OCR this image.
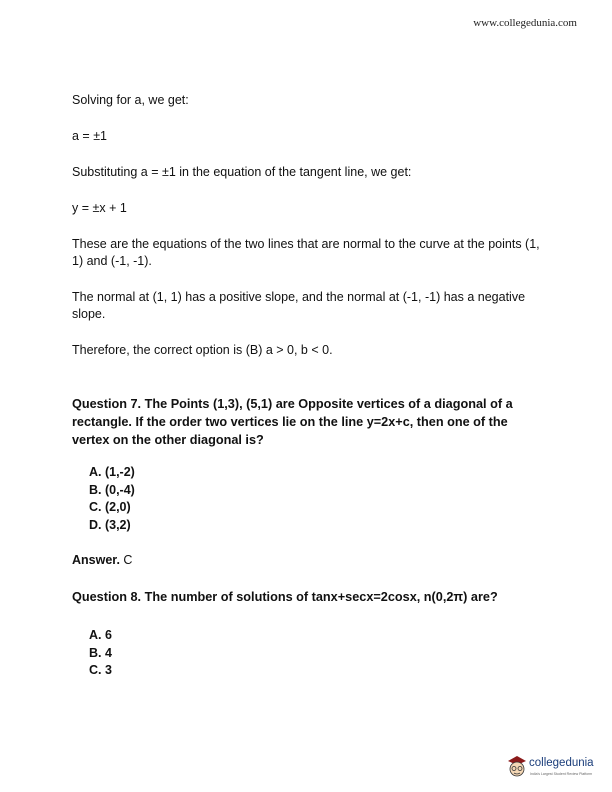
www.collegedunia.com

Solving for a, we get:

a = ±1

Substituting a = ±1 in the equation of the tangent line, we get:

y = ±x + 1

These are the equations of the two lines that are normal to the curve at the points (1, 1) and (-1, -1).

The normal at (1, 1) has a positive slope, and the normal at (-1, -1) has a negative slope.

Therefore, the correct option is (B) a > 0, b < 0.

Question 7. The Points (1,3), (5,1) are Opposite vertices of a diagonal of a rectangle. If the order two vertices lie on the line y=2x+c, then one of the vertex on the other diagonal is?

A. (1,-2)
B. (0,-4)
C. (2,0)
D. (3,2)

Answer. C

Question 8. The number of solutions of tanx+secx=2cosx, n(0,2π) are?

A. 6
B. 4
C. 3
collegedunia
India's Largest Student Review Platform
